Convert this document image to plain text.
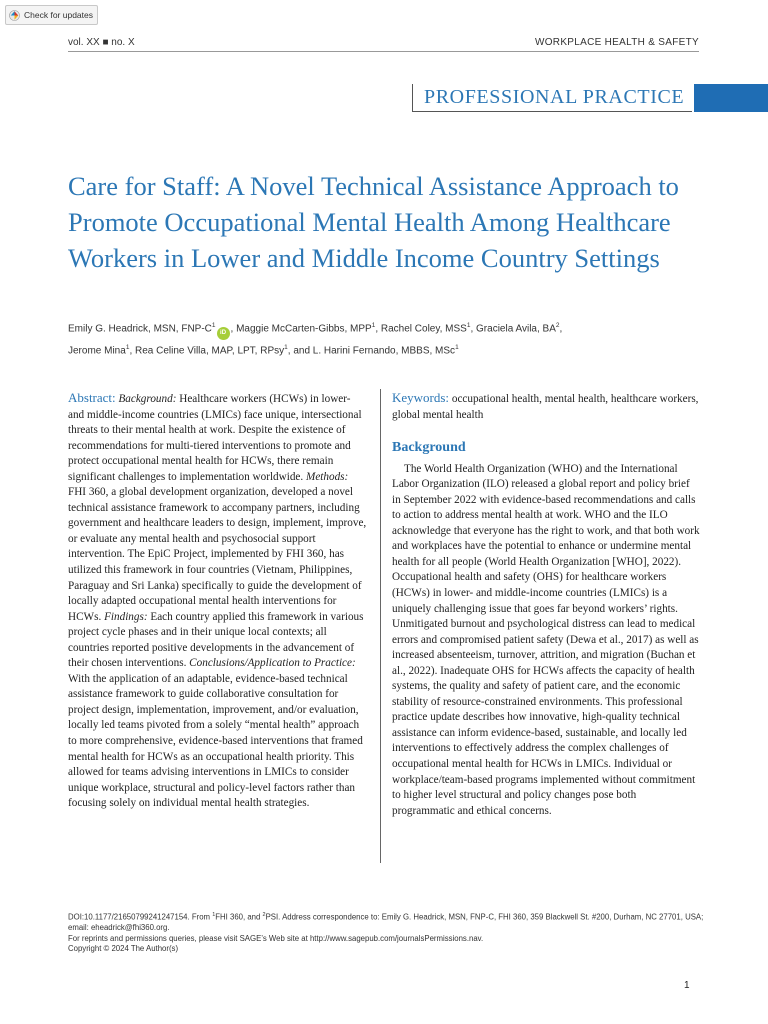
Check for updates
vol. XX ■ no. X	WORKPLACE HEALTH & SAFETY
PROFESSIONAL PRACTICE
Care for Staff: A Novel Technical Assistance Approach to Promote Occupational Mental Health Among Healthcare Workers in Lower and Middle Income Country Settings
Emily G. Headrick, MSN, FNP-$C^1iD$ , Maggie McCarten-Gibbs, MPP$^1$, Rachel Coley, MSS$^1$, Graciela Avila, $BA^2$,
Jerome Mina$^1$, Rea Celine Villa, MAP, LPT, RPsy$^1$, and L. Harini Fernando, MBBS, MSc$^1$

Abstract: Background: Healthcare workers (HCWs) in lower- and middle-income countries (LMICs) face unique, intersectional threats to their mental health at work. Despite the existence of recommendations for multi-tiered interventions to promote and protect occupational mental health for HCWs, there remain significant challenges to implementation worldwide. Methods: FHI 360, a global development organization, developed a novel technical assistance framework to accompany partners, including government and healthcare leaders to design, implement, improve, or evaluate any mental health and psychosocial support intervention. The EpiC Project, implemented by FHI 360, has utilized this framework in four countries (Vietnam, Philippines, Paraguay and Sri Lanka) specifically to guide the development of locally adapted occupational mental health interventions for HCWs. Findings: Each country applied this framework in various project cycle phases and in their unique local contexts; all countries reported positive developments in the advancement of their chosen interventions. Conclusions/Application to Practice: With the application of an adaptable, evidence-based technical assistance framework to guide collaborative consultation for project design, implementation, improvement, and/or evaluation, locally led teams pivoted from a solely “mental health” approach to more comprehensive, evidence-based interventions that framed mental health for HCWs as an occupational health priority. This allowed for teams advising interventions in LMICs to consider unique workplace, structural and policy-level factors rather than focusing solely on individual mental health strategies.

Keywords: occupational health, mental health, healthcare workers, global mental health

Background

The World Health Organization (WHO) and the International Labor Organization (ILO) released a global report and policy brief in September 2022 with evidence-based recommendations and calls to action to address mental health at work. WHO and the ILO acknowledge that everyone has the right to work, and that both work and workplaces have the potential to enhance or undermine mental health for all people (World Health Organization [WHO], 2022). Occupational health and safety (OHS) for healthcare workers (HCWs) in lower- and middle-income countries (LMICs) is a uniquely challenging issue that goes far beyond workers’ rights. Unmitigated burnout and psychological distress can lead to medical errors and compromised patient safety (Dewa et al., 2017) as well as increased absenteeism, turnover, attrition, and migration (Buchan et al., 2022). Inadequate OHS for HCWs affects the capacity of health systems, the quality and safety of patient care, and the economic stability of resource-constrained environments. This professional practice update describes how innovative, high-quality technical assistance can inform evidence-based, sustainable, and locally led interventions to effectively address the complex challenges of occupational mental health for HCWs in LMICs. Individual or workplace/team-based programs implemented without commitment to higher level structural and policy changes pose both programmatic and ethical concerns.

DOI:10.1177/21650799241247154. From $^1$FHI 360, and $^2$PSI. Address correspondence to: Emily G. Headrick, MSN, FNP-C, FHI 360, 359 Blackwell St. #200, Durham, NC 27701, USA; email: eheadrick@fhi360.org.

For reprints and permissions queries, please visit SAGE’s Web site at http://www.sagepub.com/journalsPermissions.nav.

Copyright © 2024 The Author(s)

1
